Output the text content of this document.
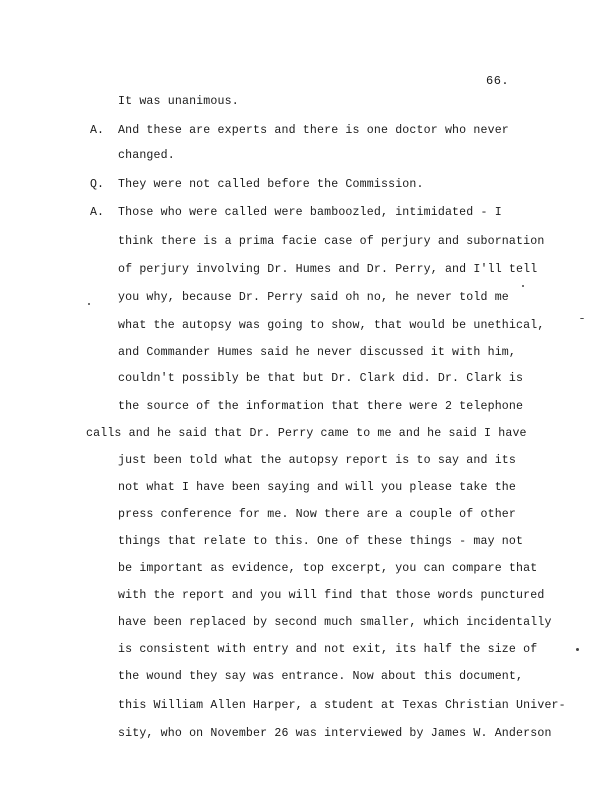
66.
It was unanimous.
A. And these are experts and there is one doctor who never
changed.
Q. They were not called before the Commission.
A. Those who were called were bamboozled, intimidated - I
think there is a prima facie case of perjury and subornation
of perjury involving Dr. Humes and Dr. Perry, and I'll tell
you why, because Dr. Perry said oh no, he never told me
what the autopsy was going to show, that would be unethical,
and Commander Humes said he never discussed it with him,
couldn't possibly be that but Dr. Clark did. Dr. Clark is
the source of the information that there were 2 telephone
calls and he said that Dr. Perry came to me and he said I have
just been told what the autopsy report is to say and its
not what I have been saying and will you please take the
press conference for me. Now there are a couple of other
things that relate to this. One of these things - may not
be important as evidence, top excerpt, you can compare that
with the report and you will find that those words punctured
have been replaced by second much smaller, which incidentally
is consistent with entry and not exit, its half the size of
the wound they say was entrance. Now about this document,
this William Allen Harper, a student at Texas Christian Univer-
sity, who on November 26 was interviewed by James W. Anderson
